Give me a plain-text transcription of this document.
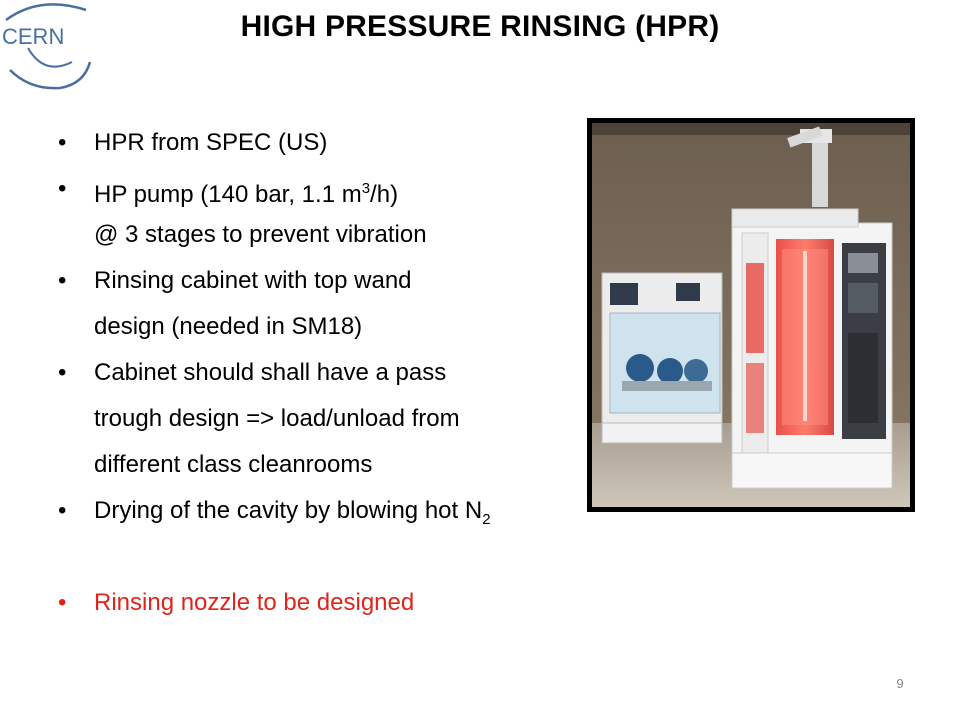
CERN	HIGH PRESSURE RINSING (HPR)
•	HPR from SPEC (US)
•	HP pump (140 bar, 1.1 $m^3/h$)
@ 3 stages to prevent vibration
•	Rinsing cabinet with top wand
design (needed in SM18)
•	Cabinet should shall have a pass
trough design => load/unload from
different class cleanrooms
•	Drying of the cavity by blowing hot $N_2$
•	Rinsing nozzle to be designed
9
